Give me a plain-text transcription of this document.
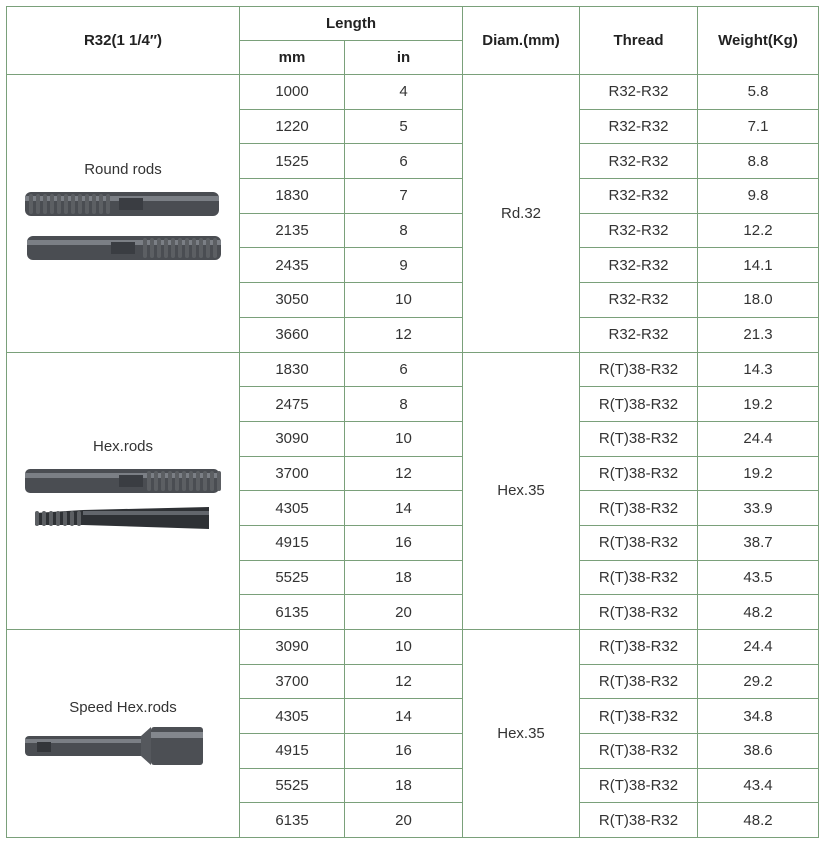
R32(1 1/4″)	Length		Diam.(mm)	Thread	Weight(Kg)
	mm	in			

Round rods	1000	4	Rd.32	R32-R32	5.8
	1220	5		R32-R32	7.1
	1525	6		R32-R32	8.8
	1830	7		R32-R32	9.8
	2135	8		R32-R32	12.2
	2435	9		R32-R32	14.1
	3050	10		R32-R32	18.0
	3660	12		R32-R32	21.3

Hex.rods	1830	6	Hex.35	R(T)38-R32	14.3
	2475	8		R(T)38-R32	19.2
	3090	10		R(T)38-R32	24.4
	3700	12		R(T)38-R32	19.2
	4305	14		R(T)38-R32	33.9
	4915	16		R(T)38-R32	38.7
	5525	18		R(T)38-R32	43.5
	6135	20		R(T)38-R32	48.2

Speed Hex.rods	3090	10	Hex.35	R(T)38-R32	24.4
	3700	12		R(T)38-R32	29.2
	4305	14		R(T)38-R32	34.8
	4915	16		R(T)38-R32	38.6
	5525	18		R(T)38-R32	43.4
	6135	20		R(T)38-R32	48.2
